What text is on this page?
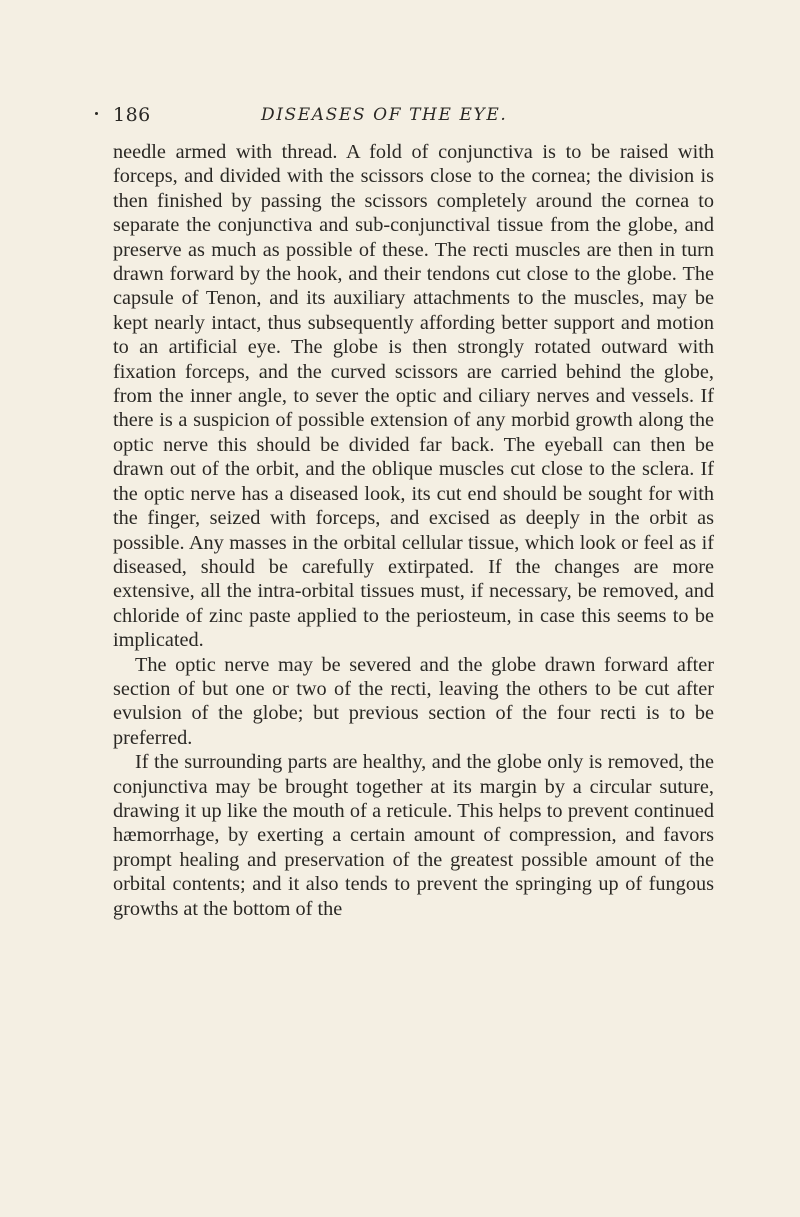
186	DISEASES OF THE EYE.

needle armed with thread. A fold of conjunctiva is to be raised with forceps, and divided with the scissors close to the cornea; the division is then finished by passing the scissors completely around the cornea to separate the conjunctiva and sub-conjunctival tissue from the globe, and preserve as much as possible of these. The recti muscles are then in turn drawn forward by the hook, and their tendons cut close to the globe. The capsule of Tenon, and its auxiliary attachments to the muscles, may be kept nearly intact, thus subsequently affording better support and motion to an artificial eye. The globe is then strongly rotated outward with fixation forceps, and the curved scissors are carried behind the globe, from the inner angle, to sever the optic and ciliary nerves and vessels. If there is a suspicion of possible extension of any morbid growth along the optic nerve this should be divided far back. The eyeball can then be drawn out of the orbit, and the oblique muscles cut close to the sclera. If the optic nerve has a diseased look, its cut end should be sought for with the finger, seized with forceps, and excised as deeply in the orbit as possible. Any masses in the orbital cellular tissue, which look or feel as if diseased, should be carefully extirpated. If the changes are more extensive, all the intra-orbital tissues must, if necessary, be removed, and chloride of zinc paste applied to the periosteum, in case this seems to be implicated.

The optic nerve may be severed and the globe drawn forward after section of but one or two of the recti, leaving the others to be cut after evulsion of the globe; but previous section of the four recti is to be preferred.

If the surrounding parts are healthy, and the globe only is removed, the conjunctiva may be brought together at its margin by a circular suture, drawing it up like the mouth of a reticule. This helps to prevent continued hæmorrhage, by exerting a certain amount of compression, and favors prompt healing and preservation of the greatest possible amount of the orbital contents; and it also tends to prevent the springing up of fungous growths at the bottom of the
